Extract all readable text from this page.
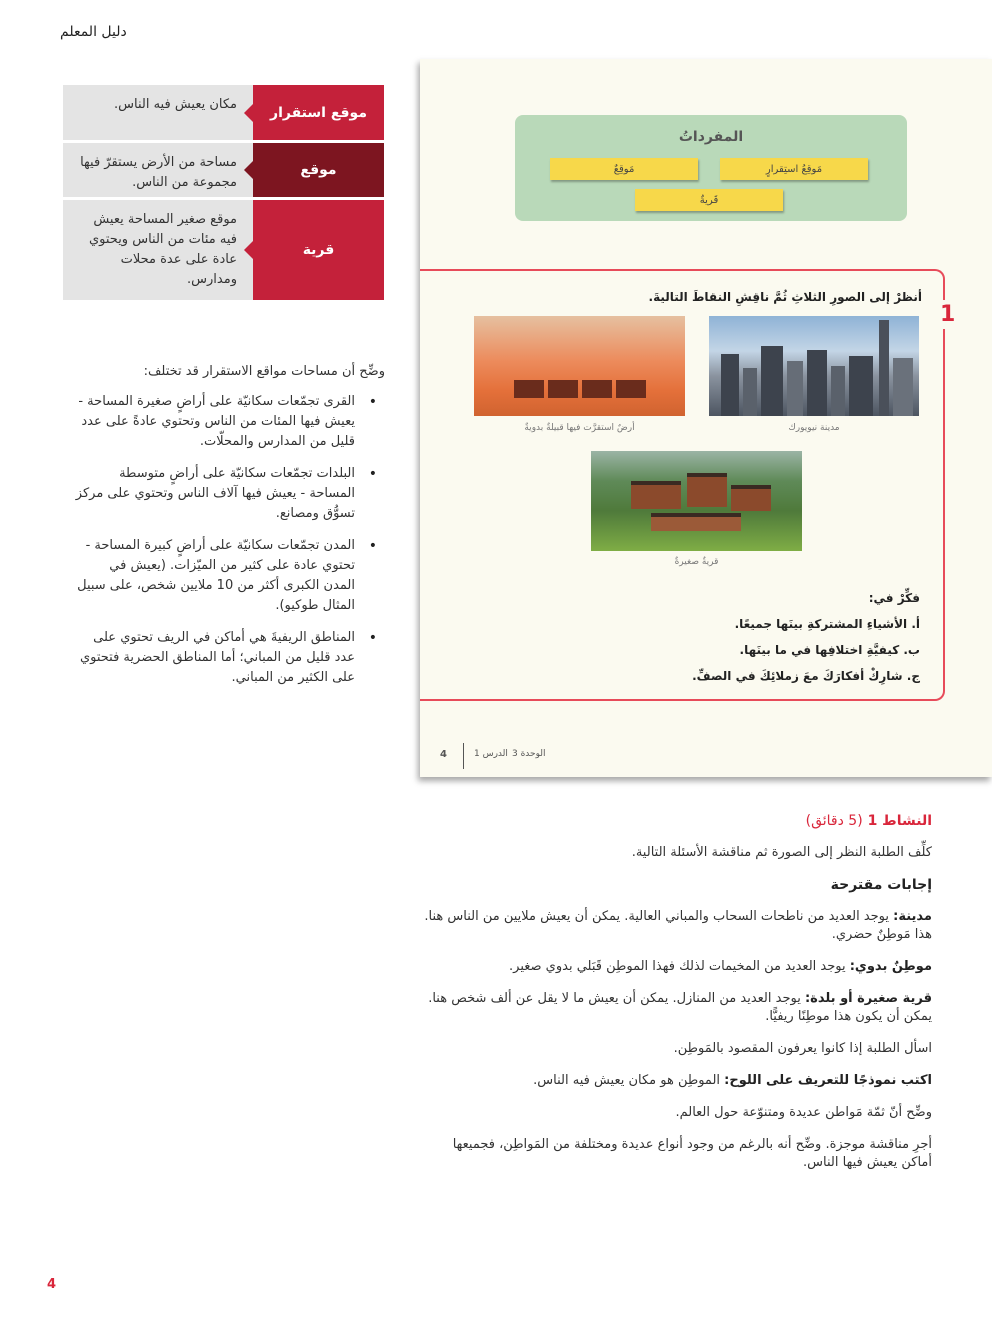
دليل المعلم
موقع استقرار
مكان يعيش فيه الناس.
موقع
مساحة من الأرض يستقرّ فيها مجموعة من الناس.
قرية
موقع صغير المساحة يعيش فيه مئات من الناس ويحتوي عادة على عدة محلات ومدارس.

وضِّح أن مساحات مواقع الاستقرار قد تختلف:

• القرى تجمّعات سكانيّة على أراضٍ صغيرة المساحة - يعيش فيها المئات من الناس وتحتوي عادةً على عدد قليل من المدارس والمحلّات.
• البلدات تجمّعات سكانيّة على أراضٍ متوسطة المساحة - يعيش فيها آلاف الناس وتحتوي على مركز تسوُّق ومصانع.
• المدن تجمّعات سكانيّة على أراضٍ كبيرة المساحة - تحتوي عادة على كثير من الميّزات. (يعيش في المدن الكبرى أكثر من 10 ملايين شخص، على سبيل المثال طوكيو).
• المناطق الريفيةَ هي أماكن في الريف تحتوي على عدد قليل من المباني؛ أما المناطق الحضرية فتحتوي على الكثير من المباني.
المفرداتُ
مَوقِعُ استِقرارٍ
مَوقِعٌ
قَريةٌ
1
أنظرْ إلى الصورِ الثلاثِ ثُمَّ ناقِشِ النقاطَ التاليةَ.
مدينة نيويورك
أرضٌ استقرَّت فيها قبيلةٌ بدويةٌ
قريةٌ صغيرةٌ
فكِّرْ في:
أ. الأشياءِ المشتركةِ بينَها جميعًا.
ب. كيفيَّةِ اختلافِها في ما بينَها.
ج. شارِكْ أفكارَكَ معَ زملائِكَ في الصفِّ.
4	الدرس 1 الوحدة 3
النشاط 1 (5 دقائق)

كلِّف الطلبة النظر إلى الصورة ثم مناقشة الأسئلة التالية.

إجابات مقترحة

مدينة: يوجد العديد من ناطحات السحاب والمباني العالية. يمكن أن يعيش ملايين من الناس هنا. هذا مَوطِنٌ حضري.

موطِنٌ بدوي: يوجد العديد من المخيمات لذلك فهذا الموطِن قَبَلي بدوي صغير.

قرية صغيرة أو بلدة: يوجد العديد من المنازل. يمكن أن يعيش ما لا يقل عن ألف شخص هنا. يمكن أن يكون هذا موطِنًا ريفيًّا.

اسأل الطلبة إذا كانوا يعرفون المقصود بالمَوطِن.

اكتب نموذجًا للتعريف على اللوح: الموطِن هو مكان يعيش فيه الناس.

وضِّح أنّ ثمّة مَواطن عديدة ومتنوّعة حول العالم.

أجرِ مناقشة موجزة. وضِّح أنه بالرغم من وجود أنواع عديدة ومختلفة من المَواطِن، فجميعها أماكن يعيش فيها الناس.

4
